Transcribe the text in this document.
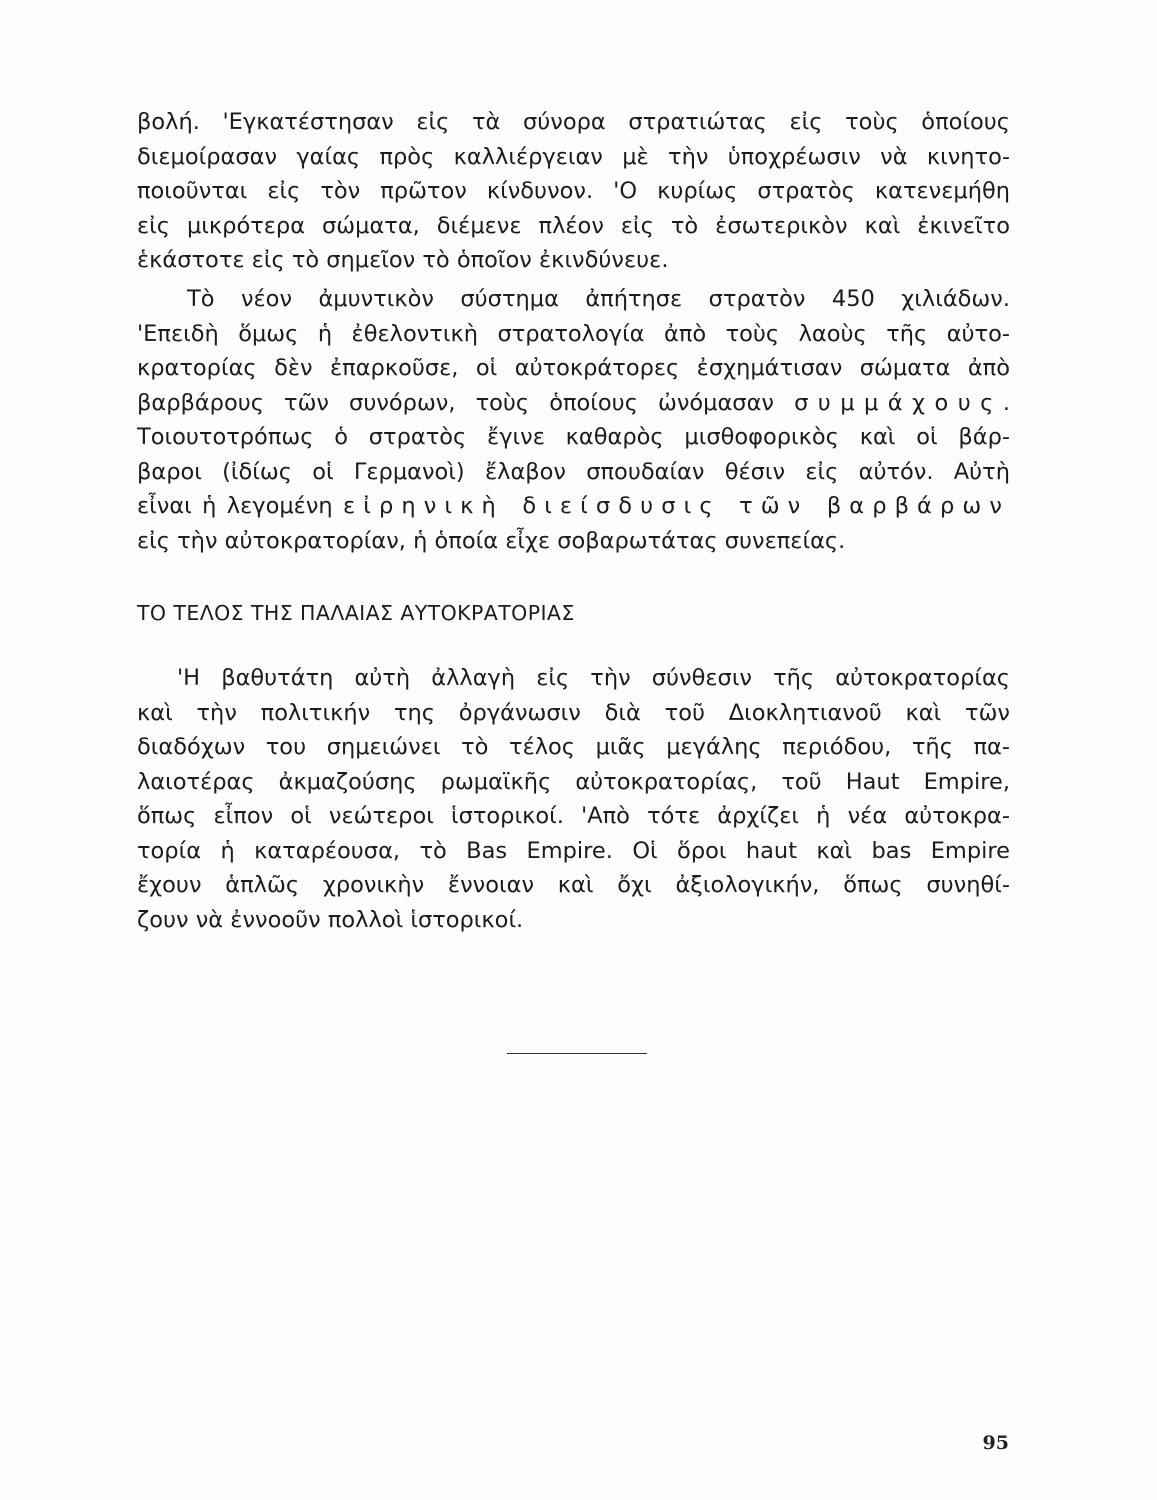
βολή. 'Εγκατέστησαν εἰς τὰ σύνορα στρατιώτας εἰς τοὺς ὁποίους
διεμοίρασαν γαίας πρὸς καλλιέργειαν μὲ τὴν ὑποχρέωσιν νὰ κινητο-
ποιοῦνται εἰς τὸν πρῶτον κίνδυνον. 'Ο κυρίως στρατὸς κατενεμήθη
εἰς μικρότερα σώματα, διέμενε πλέον εἰς τὸ ἐσωτερικὸν καὶ ἐκινεῖτο
ἑκάστοτε εἰς τὸ σημεῖον τὸ ὁποῖον ἐκινδύνευε.
Τὸ νέον ἀμυντικὸν σύστημα ἀπήτησε στρατὸν 450 χιλιάδων.
'Επειδὴ ὅμως ἡ ἐθελοντικὴ στρατολογία ἀπὸ τοὺς λαοὺς τῆς αὐτο-
κρατορίας δὲν ἐπαρκοῦσε, οἱ αὐτοκράτορες ἐσχημάτισαν σώματα ἀπὸ
βαρβάρους τῶν συνόρων, τοὺς ὁποίους ὠνόμασαν συμμάχους.
Τοιουτοτρόπως ὁ στρατὸς ἔγινε καθαρὸς μισθοφορικὸς καὶ οἱ βάρ-
βαροι (ἰδίως οἱ Γερμανοὶ) ἔλαβον σπουδαίαν θέσιν εἰς αὐτόν. Αὐτὴ
εἶναι ἡ λεγομένη εἰρηνικὴ διείσδυσις τῶν βαρβάρων
εἰς τὴν αὐτοκρατορίαν, ἡ ὁποία εἶχε σοβαρωτάτας συνεπείας.
ΤΟ ΤΕΛΟΣ ΤΗΣ ΠΑΛΑΙΑΣ ΑΥΤΟΚΡΑΤΟΡΙΑΣ
'Η βαθυτάτη αὐτὴ ἀλλαγὴ εἰς τὴν σύνθεσιν τῆς αὐτοκρατορίας
καὶ τὴν πολιτικήν της ὀργάνωσιν διὰ τοῦ Διοκλητιανοῦ καὶ τῶν
διαδόχων του σημειώνει τὸ τέλος μιᾶς μεγάλης περιόδου, τῆς πα-
λαιοτέρας ἀκμαζούσης ρωμαϊκῆς αὐτοκρατορίας, τοῦ Haut Empire,
ὅπως εἶπον οἱ νεώτεροι ἱστορικοί. 'Απὸ τότε ἀρχίζει ἡ νέα αὐτοκρα-
τορία ἡ καταρέουσα, τὸ Bas Empire. Οἱ ὅροι haut καὶ bas Empire
ἔχουν ἁπλῶς χρονικὴν ἔννοιαν καὶ ὄχι ἀξιολογικήν, ὅπως συνηθί-
ζουν νὰ ἐννοοῦν πολλοὶ ἱστορικοί.
95
